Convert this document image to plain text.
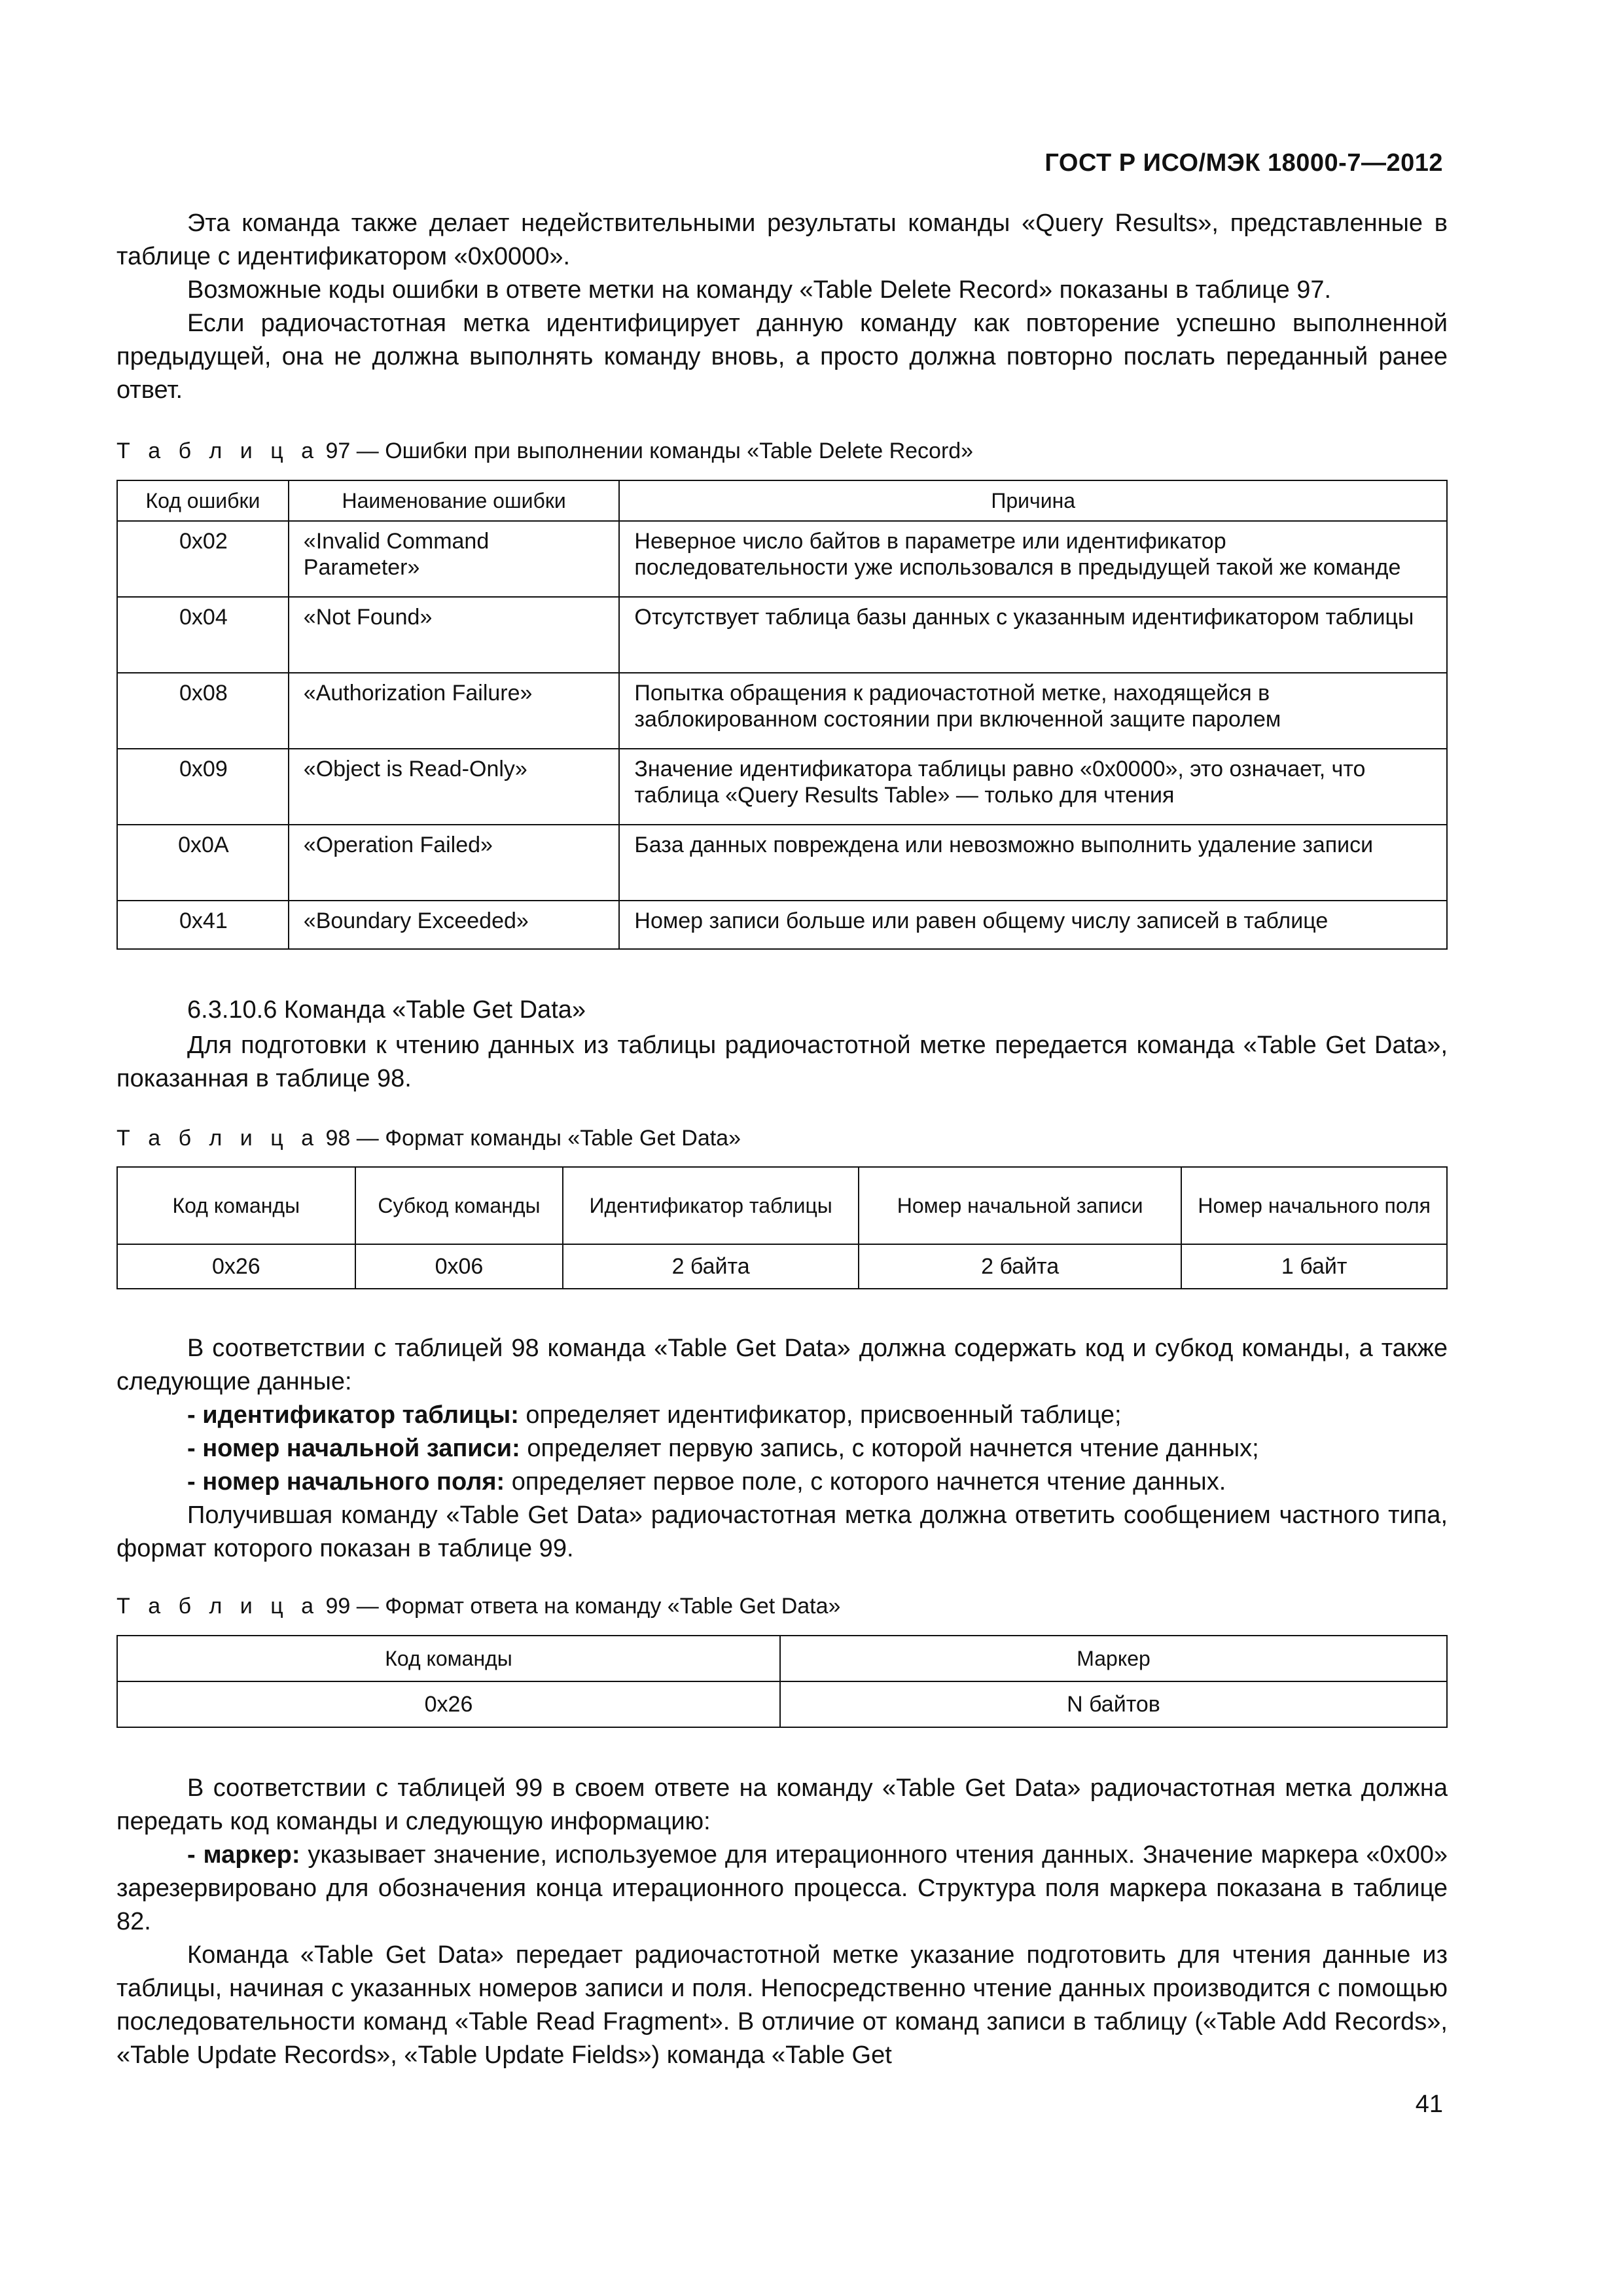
ГОСТ Р ИСО/МЭК 18000-7—2012

Эта команда также делает недействительными результаты команды «Query Results», представленные в таблице с идентификатором «0x0000».

Возможные коды ошибки в ответе метки на команду «Table Delete Record» показаны в таблице 97.

Если радиочастотная метка идентифицирует данную команду как повторение успешно выполненной предыдущей, она не должна выполнять команду вновь, а просто должна повторно послать переданный ранее ответ.

Т а б л и ц а 97 — Ошибки при выполнении команды «Table Delete Record»
Код ошибки	Наименование ошибки	Причина
0x02	«Invalid Command Parameter»	Неверное число байтов в параметре или идентификатор последовательности уже использовался в предыдущей такой же команде
0x04	«Not Found»	Отсутствует таблица базы данных с указанным идентификатором таблицы
0x08	«Authorization Failure»	Попытка обращения к радиочастотной метке, находящейся в заблокированном состоянии при включенной защите паролем
0x09	«Object is Read-Only»	Значение идентификатора таблицы равно «0x0000», это означает, что таблица «Query Results Table» — только для чтения
0x0A	«Operation Failed»	База данных повреждена или невозможно выполнить удаление записи
0x41	«Boundary Exceeded»	Номер записи больше или равен общему числу записей в таблице
6.3.10.6 Команда «Table Get Data»

Для подготовки к чтению данных из таблицы радиочастотной метке передается команда «Table Get Data», показанная в таблице 98.

Т а б л и ц а 98 — Формат команды «Table Get Data»
Код команды	Субкод команды	Идентификатор таблицы	Номер начальной записи	Номер начального поля
0x26	0x06	2 байта	2 байта	1 байт

В соответствии с таблицей 98 команда «Table Get Data» должна содержать код и субкод команды, а также следующие данные:

- идентификатор таблицы: определяет идентификатор, присвоенный таблице;

- номер начальной записи: определяет первую запись, с которой начнется чтение данных;

- номер начального поля: определяет первое поле, с которого начнется чтение данных.

Получившая команду «Table Get Data» радиочастотная метка должна ответить сообщением частного типа, формат которого показан в таблице 99.

Т а б л и ц а 99 — Формат ответа на команду «Table Get Data»
Код команды	Маркер
0x26	N байтов

В соответствии с таблицей 99 в своем ответе на команду «Table Get Data» радиочастотная метка должна передать код команды и следующую информацию:

- маркер: указывает значение, используемое для итерационного чтения данных. Значение маркера «0x00» зарезервировано для обозначения конца итерационного процесса. Структура поля маркера показана в таблице 82.

Команда «Table Get Data» передает радиочастотной метке указание подготовить для чтения данные из таблицы, начиная с указанных номеров записи и поля. Непосредственно чтение данных производится с помощью последовательности команд «Table Read Fragment». В отличие от команд записи в таблицу («Table Add Records», «Table Update Records», «Table Update Fields») команда «Table Get

41
